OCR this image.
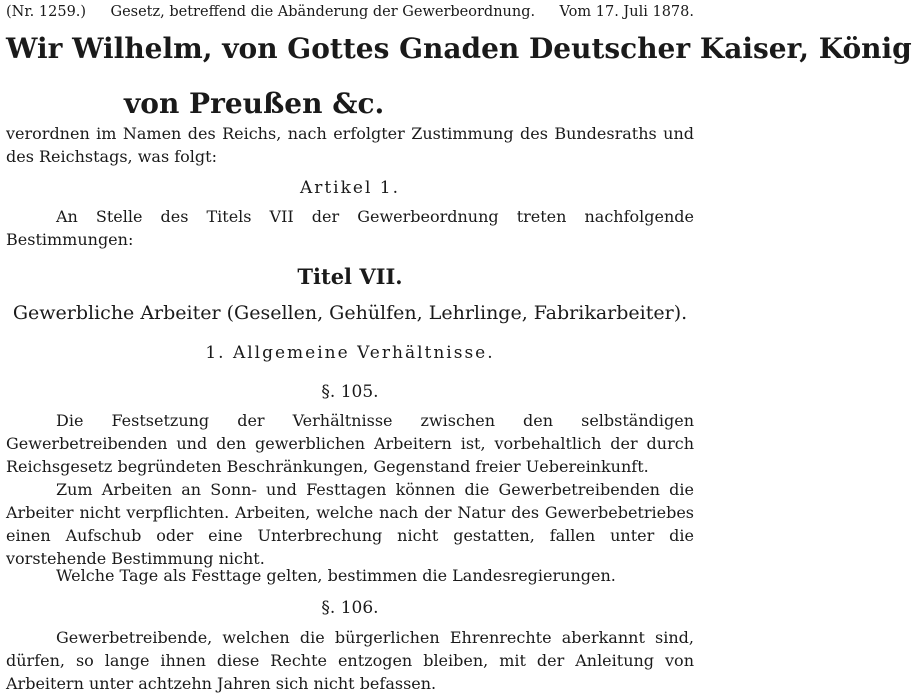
(Nr. 1259.) Gesetz, betreffend die Abänderung der Gewerbeordnung. Vom 17. Juli 1878.
Wir Wilhelm, von Gottes Gnaden Deutscher Kaiser, König
von Preußen &c.
verordnen im Namen des Reichs, nach erfolgter Zustimmung des Bundesraths und des Reichstags, was folgt:
Artikel 1.
An Stelle des Titels VII der Gewerbeordnung treten nachfolgende Bestimmungen:
Titel VII.
Gewerbliche Arbeiter (Gesellen, Gehülfen, Lehrlinge, Fabrikarbeiter).
1. Allgemeine Verhältnisse.
§. 105.
Die Festsetzung der Verhältnisse zwischen den selbständigen Gewerbetreibenden und den gewerblichen Arbeitern ist, vorbehaltlich der durch Reichsgesetz begründeten Beschränkungen, Gegenstand freier Uebereinkunft.
Zum Arbeiten an Sonn- und Festtagen können die Gewerbetreibenden die Arbeiter nicht verpflichten. Arbeiten, welche nach der Natur des Gewerbebetriebes einen Aufschub oder eine Unterbrechung nicht gestatten, fallen unter die vorstehende Bestimmung nicht.
Welche Tage als Festtage gelten, bestimmen die Landesregierungen.
§. 106.
Gewerbetreibende, welchen die bürgerlichen Ehrenrechte aberkannt sind, dürfen, so lange ihnen diese Rechte entzogen bleiben, mit der Anleitung von Arbeitern unter achtzehn Jahren sich nicht befassen.
